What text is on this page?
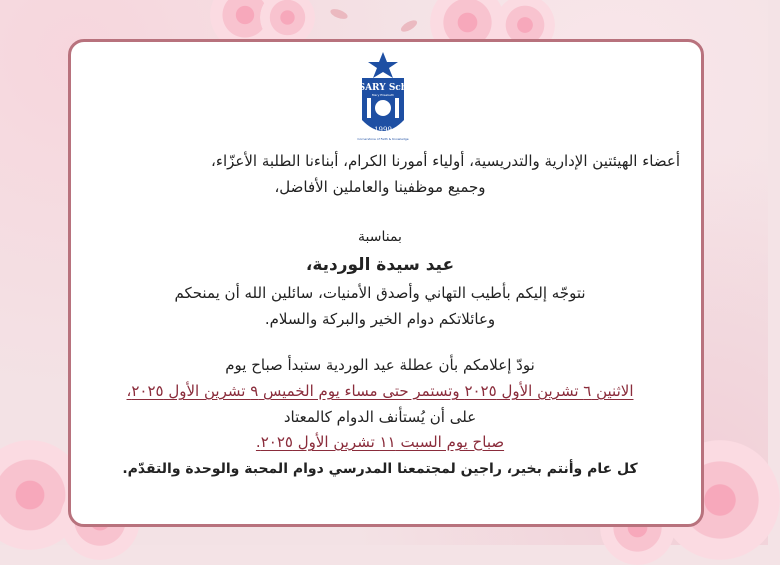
ROSARY School
1999
Mary Elisabeth
Cornerstone of Faith & Knowledge
أعضاء الهيئتين الإدارية والتدريسية، أولياء أمورنا الكرام، أبناءنا الطلبة الأعزّاء،
وجميع موظفينا والعاملين الأفاضل،
بمناسبة
عيد سيدة الوردية،
نتوجّه إليكم بأطيب التهاني وأصدق الأمنيات، سائلين الله أن يمنحكم
وعائلاتكم دوام الخير والبركة والسلام.
نودّ إعلامكم بأن عطلة عيد الوردية ستبدأ صباح يوم
الاثنين ٦ تشرين الأول ٢٠٢٥ وتستمر حتى مساء يوم الخميس ٩ تشرين الأول ٢٠٢٥،
على أن يُستأنف الدوام كالمعتاد
صباح يوم السبت ١١ تشرين الأول ٢٠٢٥.
كل عام وأنتم بخير، راجين لمجتمعنا المدرسي دوام المحبة والوحدة والتقدّم.
